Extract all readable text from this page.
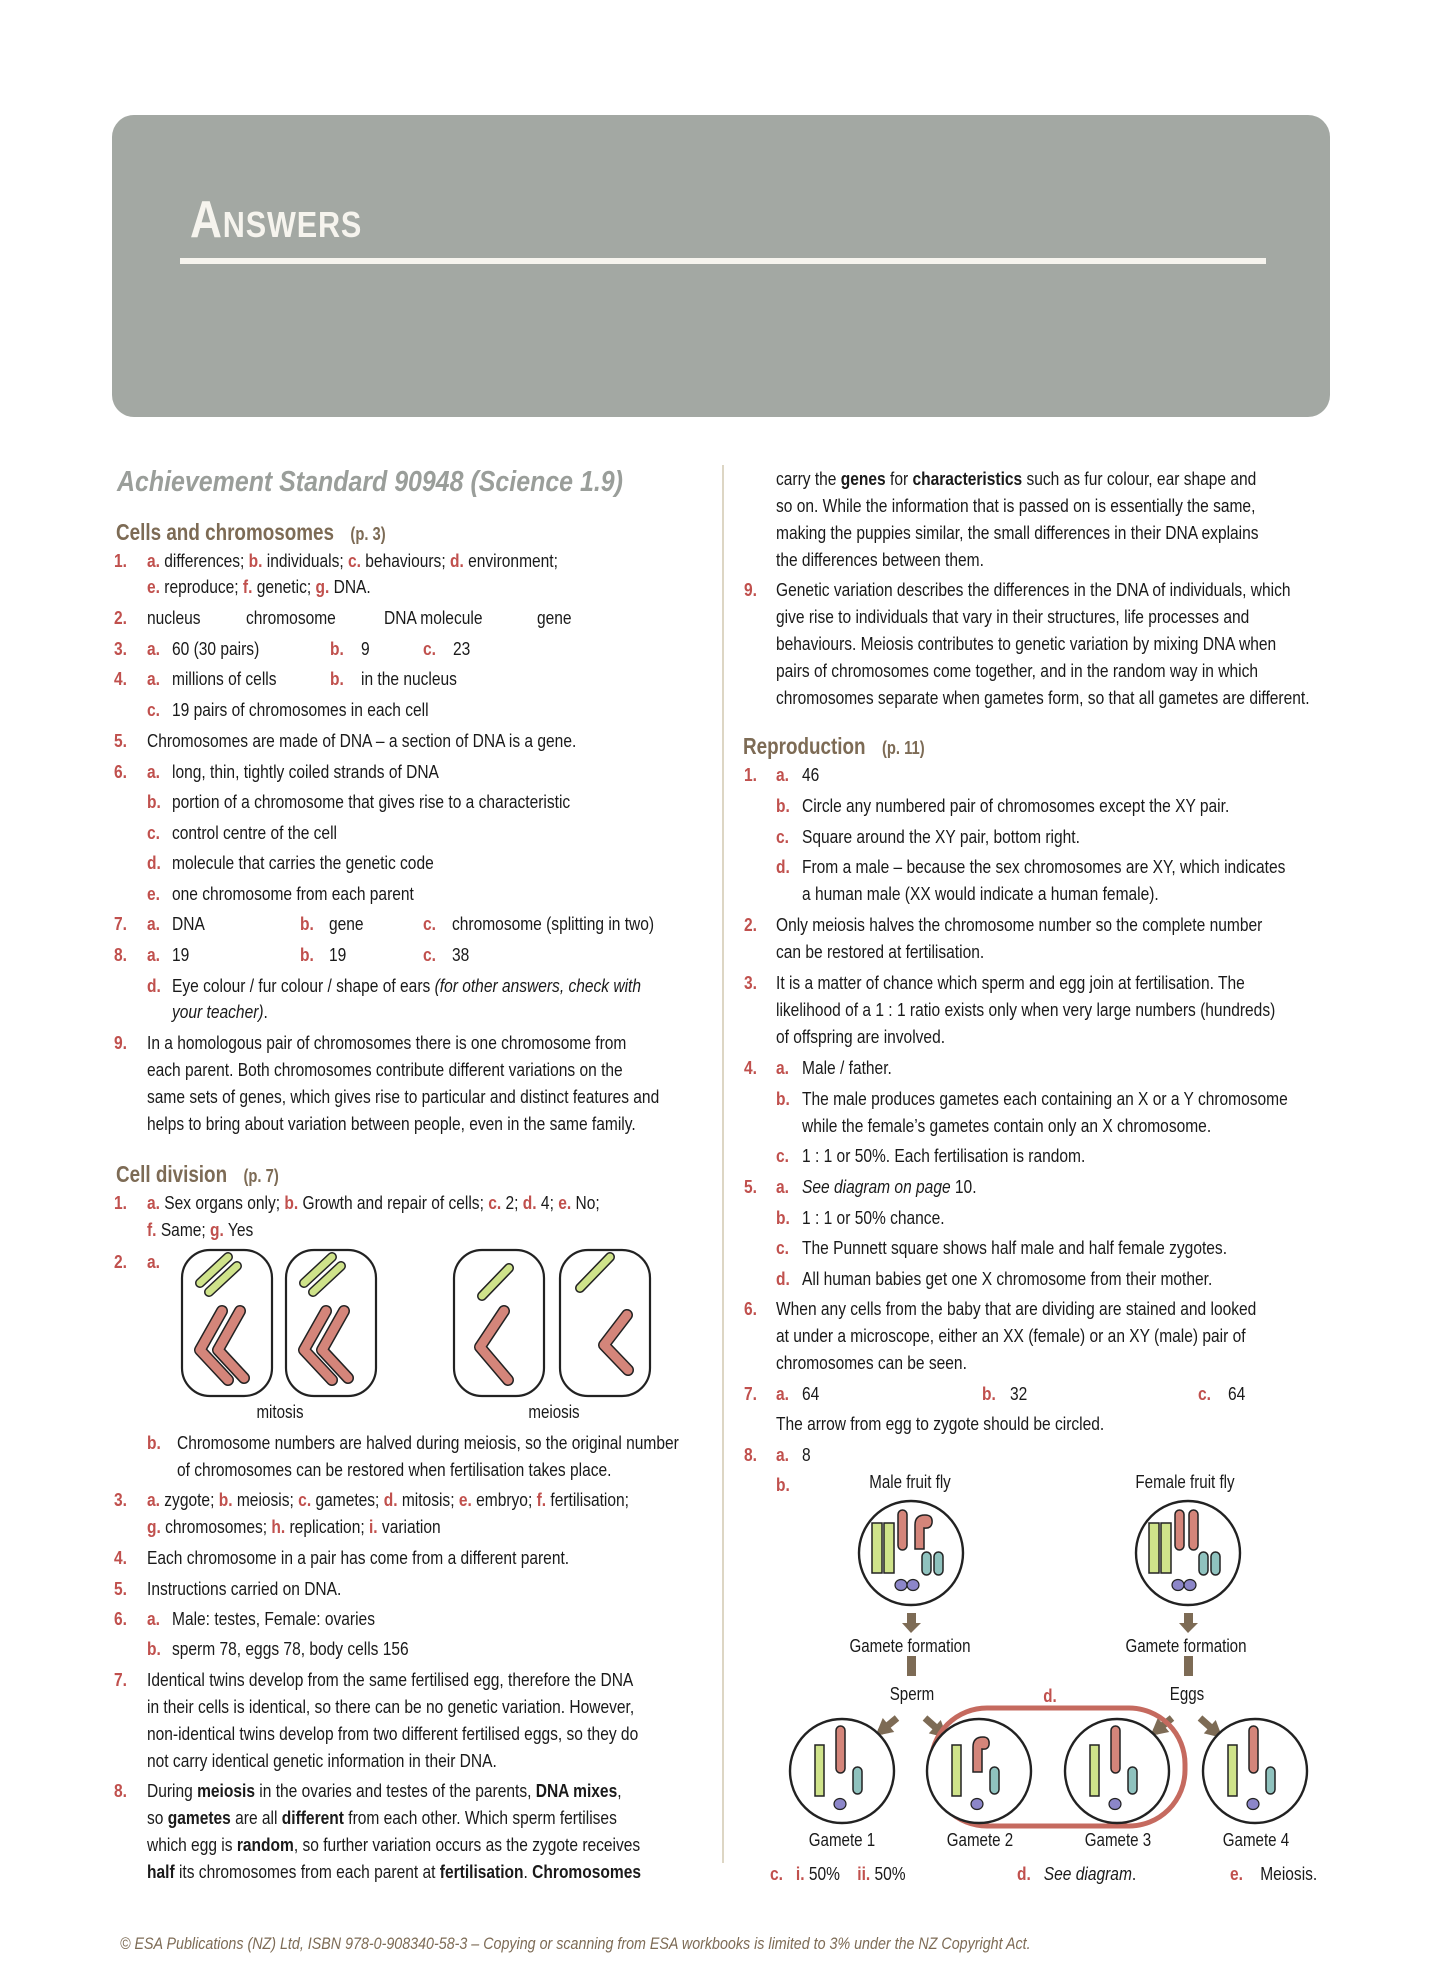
ANSWERS
Achievement Standard 90948 (Science 1.9)
Cells and chromosomes (p. 3)
1. a. differences; b. individuals; c. behaviours; d. environment;
e. reproduce; f. genetic; g. DNA.
2. nucleus chromosome	DNA molecule	gene
3. a. 60 (30 pairs)	b. 9	c. 23
4. a. millions of cells	b. in the nucleus
c. 19 pairs of chromosomes in each cell
5. Chromosomes are made of DNA – a section of DNA is a gene.
6. a. long, thin, tightly coiled strands of DNA
b. portion of a chromosome that gives rise to a characteristic
c. control centre of the cell
d. molecule that carries the genetic code
e. one chromosome from each parent
7. a. DNA	b. gene	c. chromosome (splitting in two)
8. a. 19	b. 19	c. 38
d. Eye colour / fur colour / shape of ears (for other answers, check with
your teacher).
9. In a homologous pair of chromosomes there is one chromosome from
each parent. Both chromosomes contribute different variations on the
same sets of genes, which gives rise to particular and distinct features and
helps to bring about variation between people, even in the same family.
Cell division (p. 7)
1. a. Sex organs only; b. Growth and repair of cells; c. 2; d. 4; e. No;
f. Same; g. Yes
2. a.
mitosis	meiosis
b. Chromosome numbers are halved during meiosis, so the original number
of chromosomes can be restored when fertilisation takes place.
3. a. zygote; b. meiosis; c. gametes; d. mitosis; e. embryo; f. fertilisation;
g. chromosomes; h. replication; i. variation
4. Each chromosome in a pair has come from a different parent.
5. Instructions carried on DNA.
6. a. Male: testes, Female: ovaries
b. sperm 78, eggs 78, body cells 156
7. Identical twins develop from the same fertilised egg, therefore the DNA
in their cells is identical, so there can be no genetic variation. However,
non-identical twins develop from two different fertilised eggs, so they do
not carry identical genetic information in their DNA.
8. During meiosis in the ovaries and testes of the parents, DNA mixes,
so gametes are all different from each other. Which sperm fertilises
which egg is random, so further variation occurs as the zygote receives
half its chromosomes from each parent at fertilisation. Chromosomes
carry the genes for characteristics such as fur colour, ear shape and
so on. While the information that is passed on is essentially the same,
making the puppies similar, the small differences in their DNA explains
the differences between them.
9. Genetic variation describes the differences in the DNA of individuals, which
give rise to individuals that vary in their structures, life processes and
behaviours. Meiosis contributes to genetic variation by mixing DNA when
pairs of chromosomes come together, and in the random way in which
chromosomes separate when gametes form, so that all gametes are different.
Reproduction (p. 11)
1. a. 46
b. Circle any numbered pair of chromosomes except the XY pair.
c. Square around the XY pair, bottom right.
d. From a male – because the sex chromosomes are XY, which indicates
a human male (XX would indicate a human female).
2. Only meiosis halves the chromosome number so the complete number
can be restored at fertilisation.
3. It is a matter of chance which sperm and egg join at fertilisation. The
likelihood of a 1 : 1 ratio exists only when very large numbers (hundreds)
of offspring are involved.
4. a. Male / father.
b. The male produces gametes each containing an X or a Y chromosome
while the female’s gametes contain only an X chromosome.
c. 1 : 1 or 50%. Each fertilisation is random.
5. a. See diagram on page 10.
b. 1 : 1 or 50% chance.
c. The Punnett square shows half male and half female zygotes.
d. All human babies get one X chromosome from their mother.
6. When any cells from the baby that are dividing are stained and looked
at under a microscope, either an XX (female) or an XY (male) pair of
chromosomes can be seen.
7. a. 64	b. 32	c. 64
The arrow from egg to zygote should be circled.
8. a. 8
b.	Male fruit fly	Female fruit fly
Gamete formation	Gamete formation
Sperm	Eggs
d.
Gamete 1	Gamete 2	Gamete 3	Gamete 4
c. i. 50% ii. 50%	d. See diagram.	e. Meiosis.
© ESA Publications (NZ) Ltd, ISBN 978-0-908340-58-3 – Copying or scanning from ESA workbooks is limited to 3% under the NZ Copyright Act.
